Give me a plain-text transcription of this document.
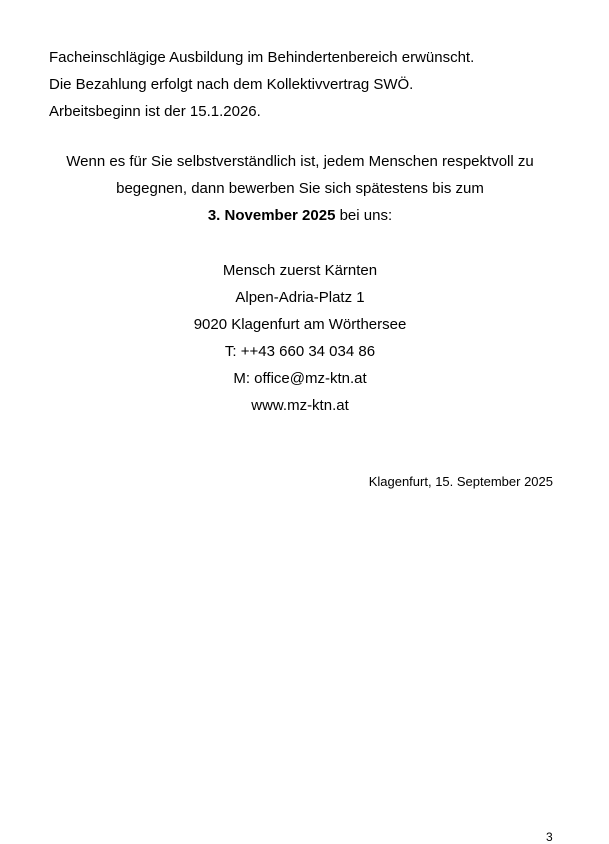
Facheinschlägige Ausbildung im Behindertenbereich erwünscht.
Die Bezahlung erfolgt nach dem Kollektivvertrag SWÖ.
Arbeitsbeginn ist der 15.1.2026.
Wenn es für Sie selbstverständlich ist, jedem Menschen respektvoll zu
begegnen, dann bewerben Sie sich spätestens bis zum
3. November 2025 bei uns:
Mensch zuerst Kärnten
Alpen-Adria-Platz 1
9020 Klagenfurt am Wörthersee
T: ++43 660 34 034 86
M: office@mz-ktn.at
www.mz-ktn.at
Klagenfurt, 15. September 2025
3
